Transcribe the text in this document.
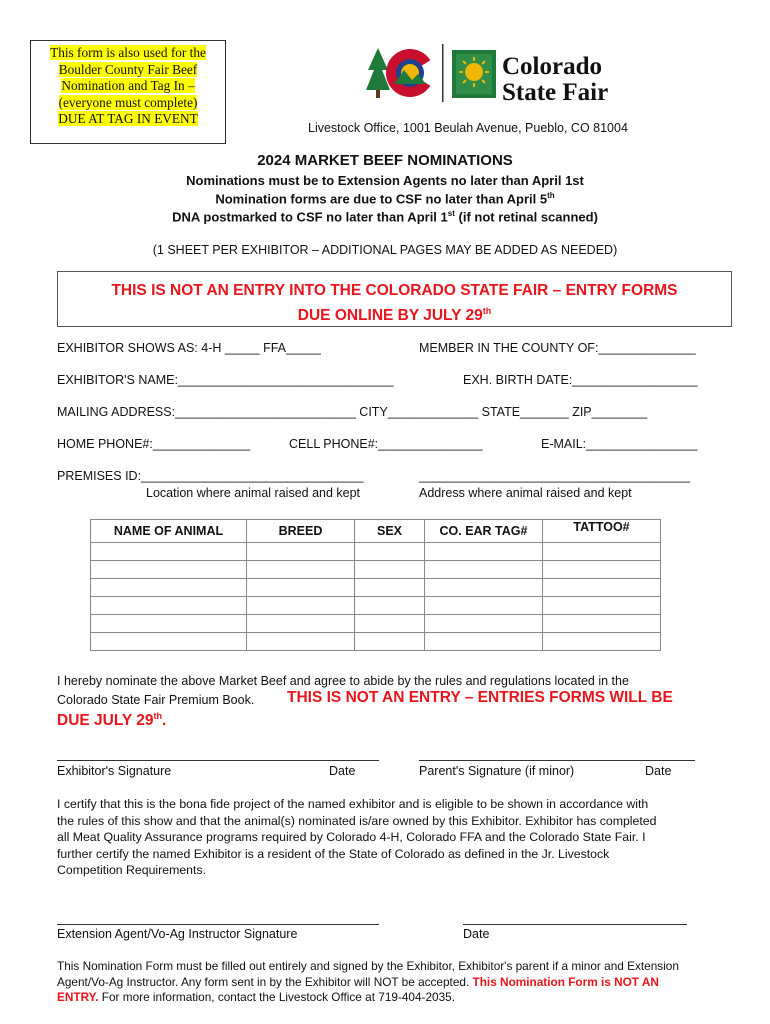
This form is also used for the
Boulder County Fair Beef
Nomination and Tag In –
(everyone must complete)
DUE AT TAG IN EVENT
Colorado
State Fair
Livestock Office, 1001 Beulah Avenue, Pueblo, CO 81004
2024 MARKET BEEF NOMINATIONS
Nominations must be to Extension Agents no later than April 1st
Nomination forms are due to CSF no later than April 5th
DNA postmarked to CSF no later than April 1st (if not retinal scanned)
(1 SHEET PER EXHIBITOR – ADDITIONAL PAGES MAY BE ADDED AS NEEDED)
THIS IS NOT AN ENTRY INTO THE COLORADO STATE FAIR – ENTRY FORMS
DUE ONLINE BY JULY 29th
EXHIBITOR SHOWS AS: 4-H _____ FFA_____	MEMBER IN THE COUNTY OF:______________
EXHIBITOR'S NAME:_______________________________	EXH. BIRTH DATE:__________________
MAILING ADDRESS:__________________________ CITY_____________ STATE_______ ZIP________
HOME PHONE#:______________	CELL PHONE#:_______________	E-MAIL:________________
PREMISES ID:________________________________	_______________________________________
Location where animal raised and kept	Address where animal raised and kept
NAME OF ANIMAL	BREED	SEX	CO. EAR TAG#	TATTOO#

I hereby nominate the above Market Beef and agree to abide by the rules and regulations located in the
Colorado State Fair Premium Book. THIS IS NOT AN ENTRY – ENTRIES FORMS WILL BE
DUE JULY 29th.
Exhibitor's Signature	Date	Parent's Signature (if minor)	Date
I certify that this is the bona fide project of the named exhibitor and is eligible to be shown in accordance with
the rules of this show and that the animal(s) nominated is/are owned by this Exhibitor. Exhibitor has completed
all Meat Quality Assurance programs required by Colorado 4-H, Colorado FFA and the Colorado State Fair. I
further certify the named Exhibitor is a resident of the State of Colorado as defined in the Jr. Livestock
Competition Requirements.
Extension Agent/Vo-Ag Instructor Signature	Date
This Nomination Form must be filled out entirely and signed by the Exhibitor, Exhibitor's parent if a minor and Extension
Agent/Vo-Ag Instructor. Any form sent in by the Exhibitor will NOT be accepted. This Nomination Form is NOT AN
ENTRY. For more information, contact the Livestock Office at 719-404-2035.
